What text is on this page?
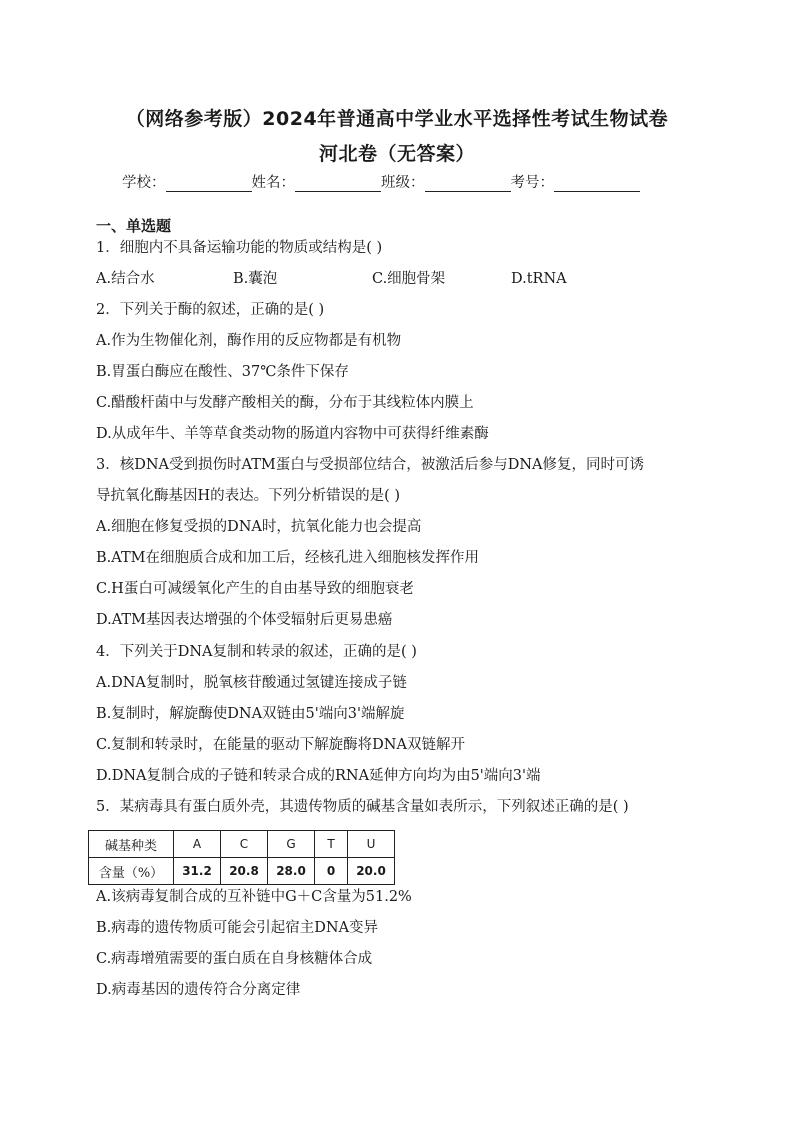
（网络参考版）2024年普通高中学业水平选择性考试生物试卷
河北卷（无答案）
学校：	姓名：	班级：	考号：
一、单选题
1．细胞内不具备运输功能的物质或结构是( )
A.结合水	B.囊泡	C.细胞骨架	D.tRNA
2．下列关于酶的叙述，正确的是( )
A.作为生物催化剂，酶作用的反应物都是有机物
B.胃蛋白酶应在酸性、37℃条件下保存
C.醋酸杆菌中与发酵产酸相关的酶，分布于其线粒体内膜上
D.从成年牛、羊等草食类动物的肠道内容物中可获得纤维素酶
3．核DNA受到损伤时ATM蛋白与受损部位结合，被激活后参与DNA修复，同时可诱
导抗氧化酶基因H的表达。下列分析错误的是( )
A.细胞在修复受损的DNA时，抗氧化能力也会提高
B.ATM在细胞质合成和加工后，经核孔进入细胞核发挥作用
C.H蛋白可减缓氧化产生的自由基导致的细胞衰老
D.ATM基因表达增强的个体受辐射后更易患癌
4．下列关于DNA复制和转录的叙述，正确的是( )
A.DNA复制时，脱氧核苷酸通过氢键连接成子链
B.复制时，解旋酶使DNA双链由5'端向3'端解旋
C.复制和转录时，在能量的驱动下解旋酶将DNA双链解开
D.DNA复制合成的子链和转录合成的RNA延伸方向均为由5'端向3'端
5．某病毒具有蛋白质外壳，其遗传物质的碱基含量如表所示，下列叙述正确的是( )
碱基种类	A	C	G	T	U
含量（%）	31.2	20.8	28.0	0	20.0
A.该病毒复制合成的互补链中G＋C含量为51.2%
B.病毒的遗传物质可能会引起宿主DNA变异
C.病毒增殖需要的蛋白质在自身核糖体合成
D.病毒基因的遗传符合分离定律
